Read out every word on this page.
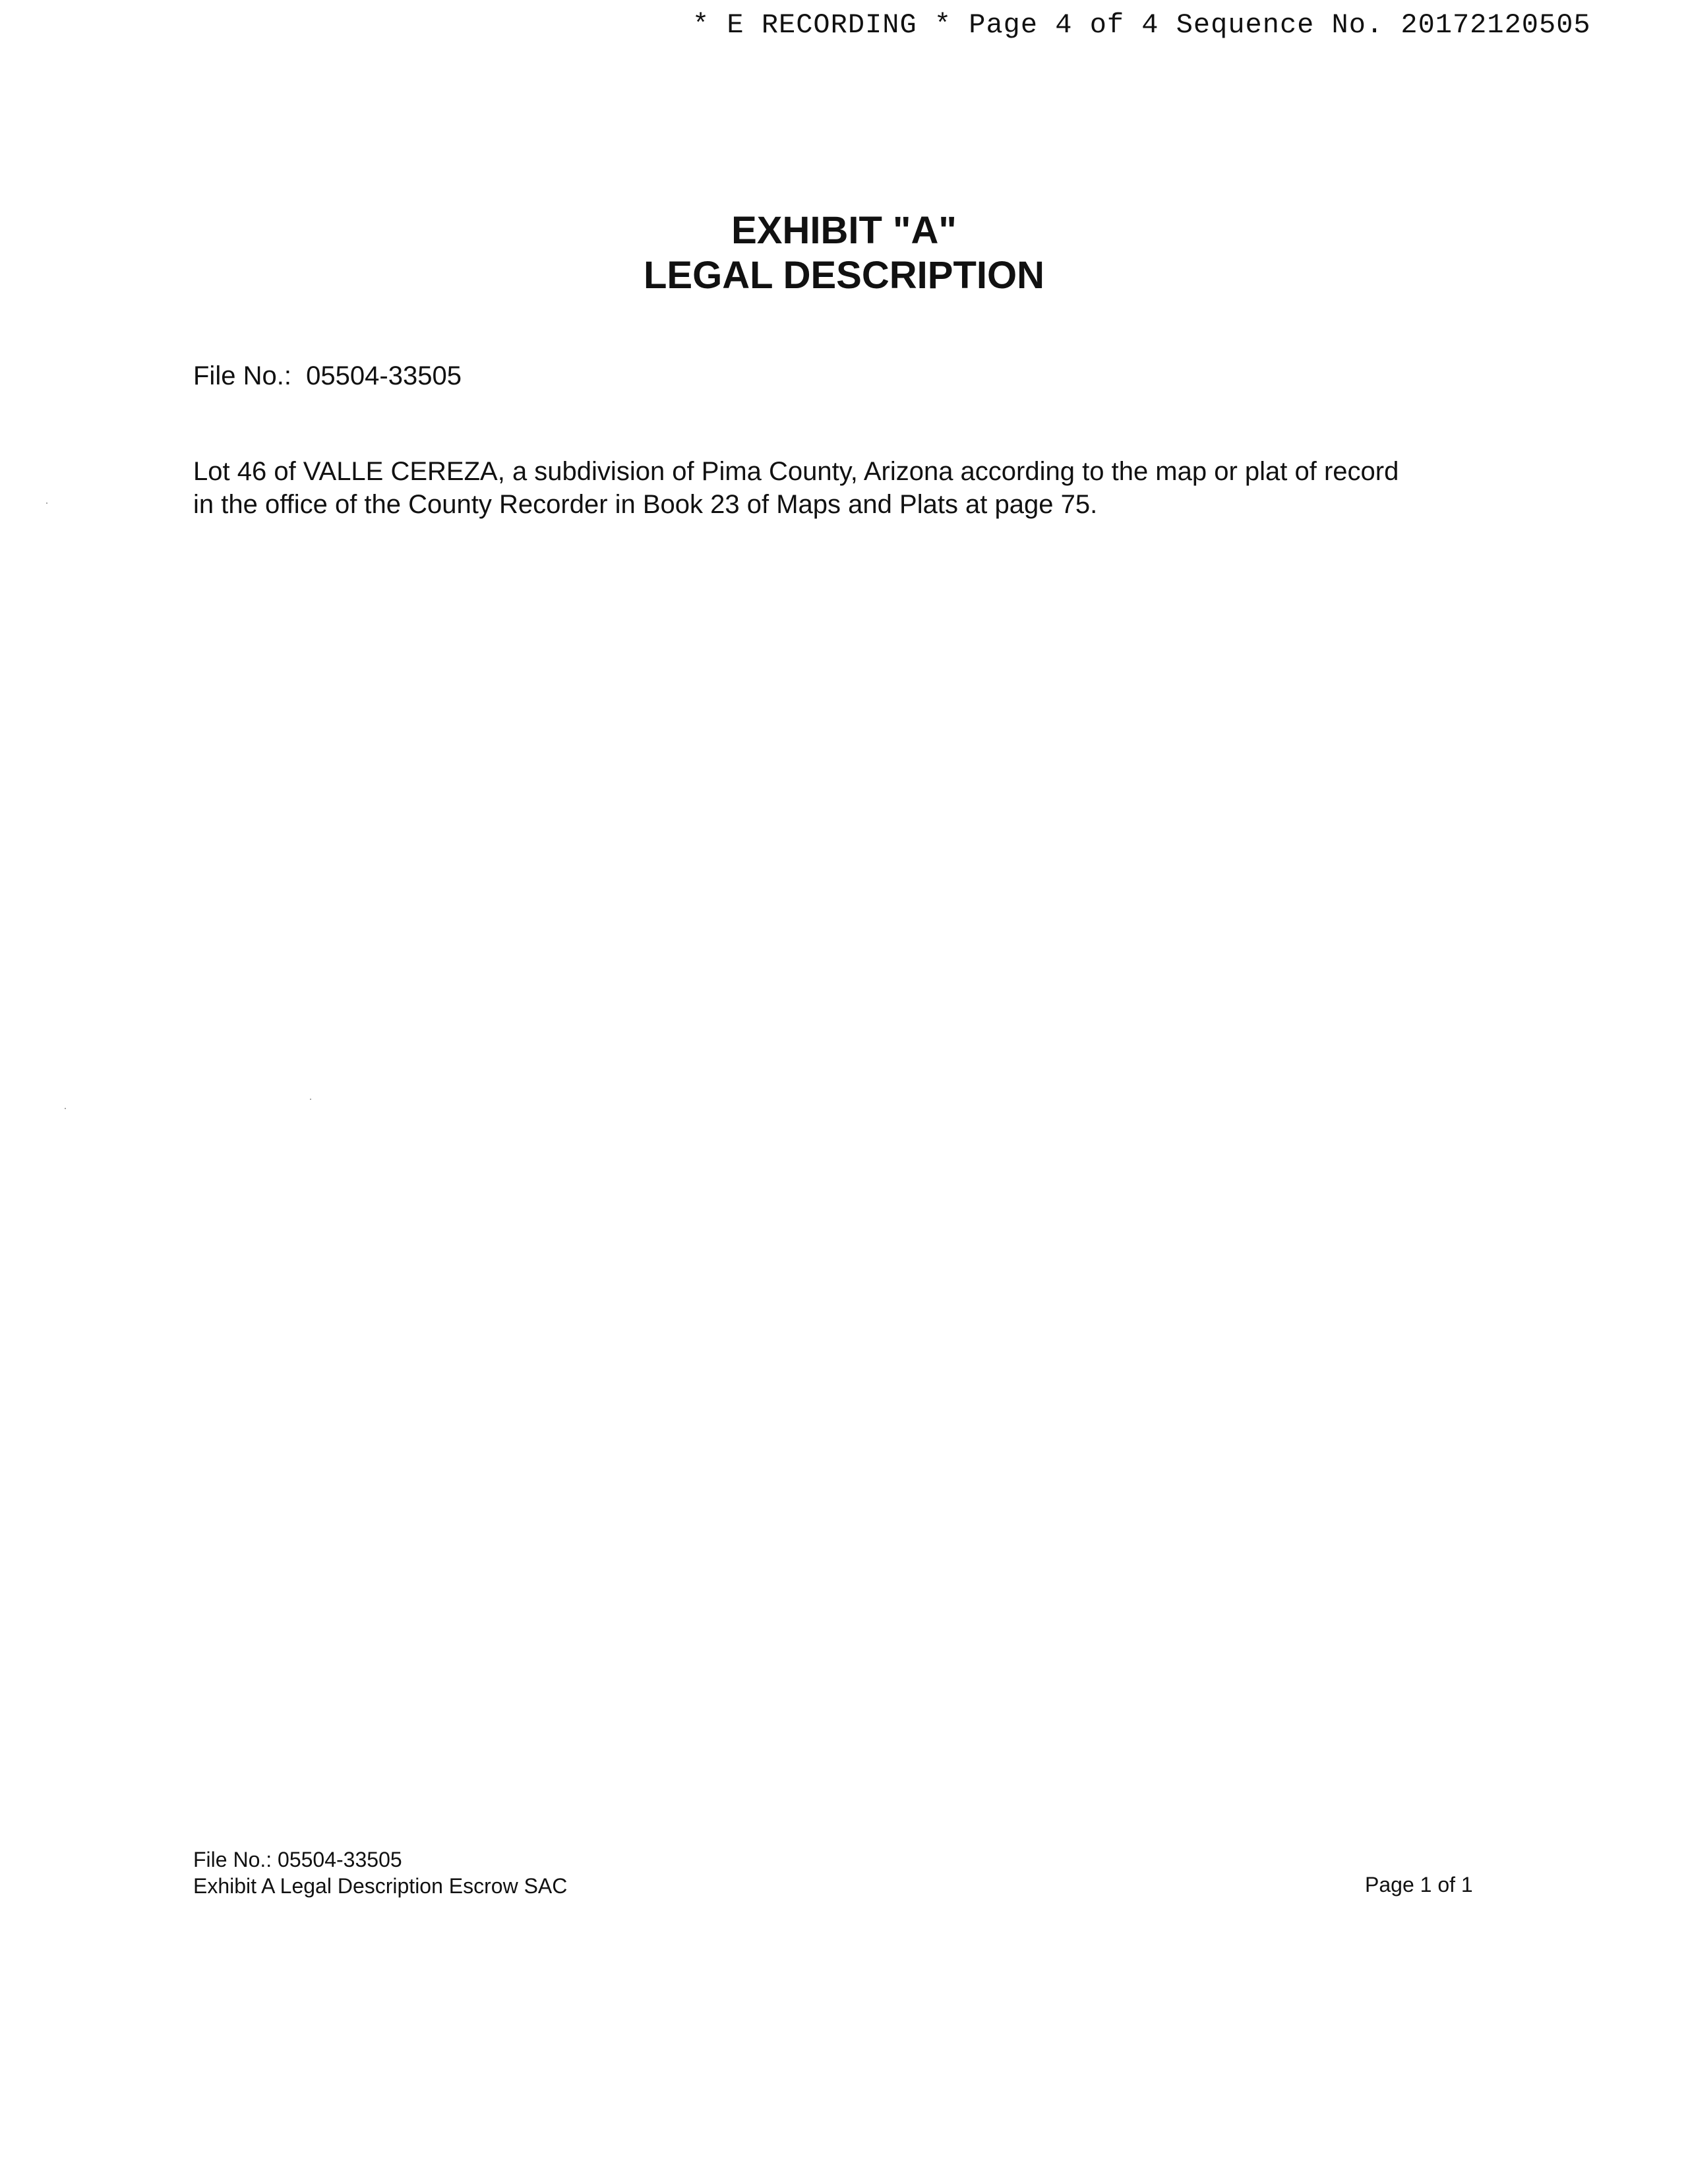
* E RECORDING * Page 4 of 4 Sequence No. 20172120505
EXHIBIT "A"
LEGAL DESCRIPTION
File No.: 05504-33505
Lot 46 of VALLE CEREZA, a subdivision of Pima County, Arizona according to the map or plat of record
in the office of the County Recorder in Book 23 of Maps and Plats at page 75.
File No.: 05504-33505
Exhibit A Legal Description Escrow SAC	Page 1 of 1
